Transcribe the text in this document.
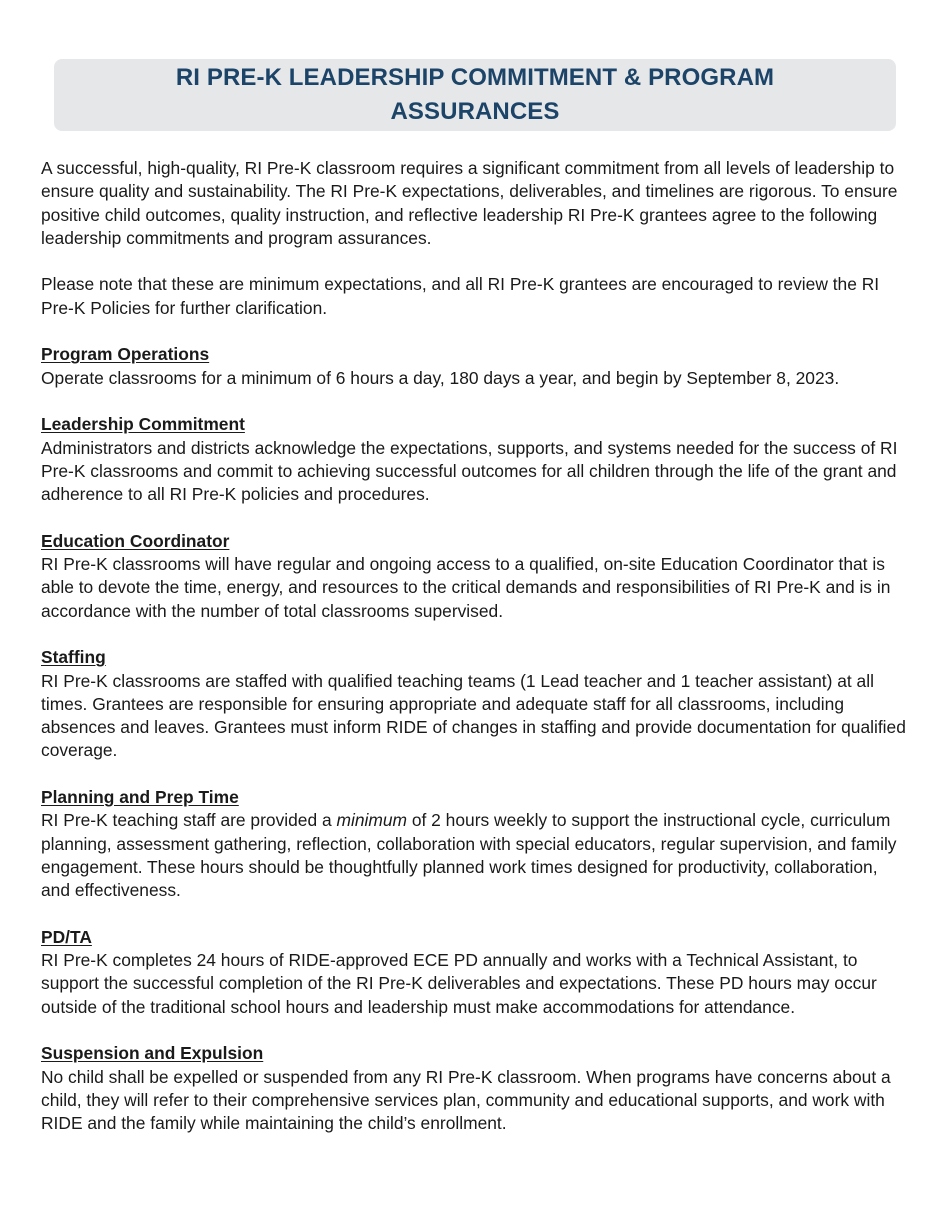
RI PRE-K LEADERSHIP COMMITMENT & PROGRAM
ASSURANCES

A successful, high-quality, RI Pre-K classroom requires a significant commitment from all levels of leadership to ensure quality and sustainability. The RI Pre-K expectations, deliverables, and timelines are rigorous. To ensure positive child outcomes, quality instruction, and reflective leadership RI Pre-K grantees agree to the following leadership commitments and program assurances.

Please note that these are minimum expectations, and all RI Pre-K grantees are encouraged to review the RI Pre-K Policies for further clarification.

Program Operations
Operate classrooms for a minimum of 6 hours a day, 180 days a year, and begin by September 8, 2023.
Leadership Commitment
Administrators and districts acknowledge the expectations, supports, and systems needed for the success of RI Pre-K classrooms and commit to achieving successful outcomes for all children through the life of the grant and adherence to all RI Pre-K policies and procedures.
Education Coordinator
RI Pre-K classrooms will have regular and ongoing access to a qualified, on-site Education Coordinator that is able to devote the time, energy, and resources to the critical demands and responsibilities of RI Pre-K and is in accordance with the number of total classrooms supervised.
Staffing
RI Pre-K classrooms are staffed with qualified teaching teams (1 Lead teacher and 1 teacher assistant) at all times. Grantees are responsible for ensuring appropriate and adequate staff for all classrooms, including absences and leaves. Grantees must inform RIDE of changes in staffing and provide documentation for qualified coverage.
Planning and Prep Time
RI Pre-K teaching staff are provided a minimum of 2 hours weekly to support the instructional cycle, curriculum planning, assessment gathering, reflection, collaboration with special educators, regular supervision, and family engagement. These hours should be thoughtfully planned work times designed for productivity, collaboration, and effectiveness.
PD/TA
RI Pre-K completes 24 hours of RIDE-approved ECE PD annually and works with a Technical Assistant, to support the successful completion of the RI Pre-K deliverables and expectations. These PD hours may occur outside of the traditional school hours and leadership must make accommodations for attendance.
Suspension and Expulsion
No child shall be expelled or suspended from any RI Pre-K classroom. When programs have concerns about a child, they will refer to their comprehensive services plan, community and educational supports, and work with RIDE and the family while maintaining the child’s enrollment.
